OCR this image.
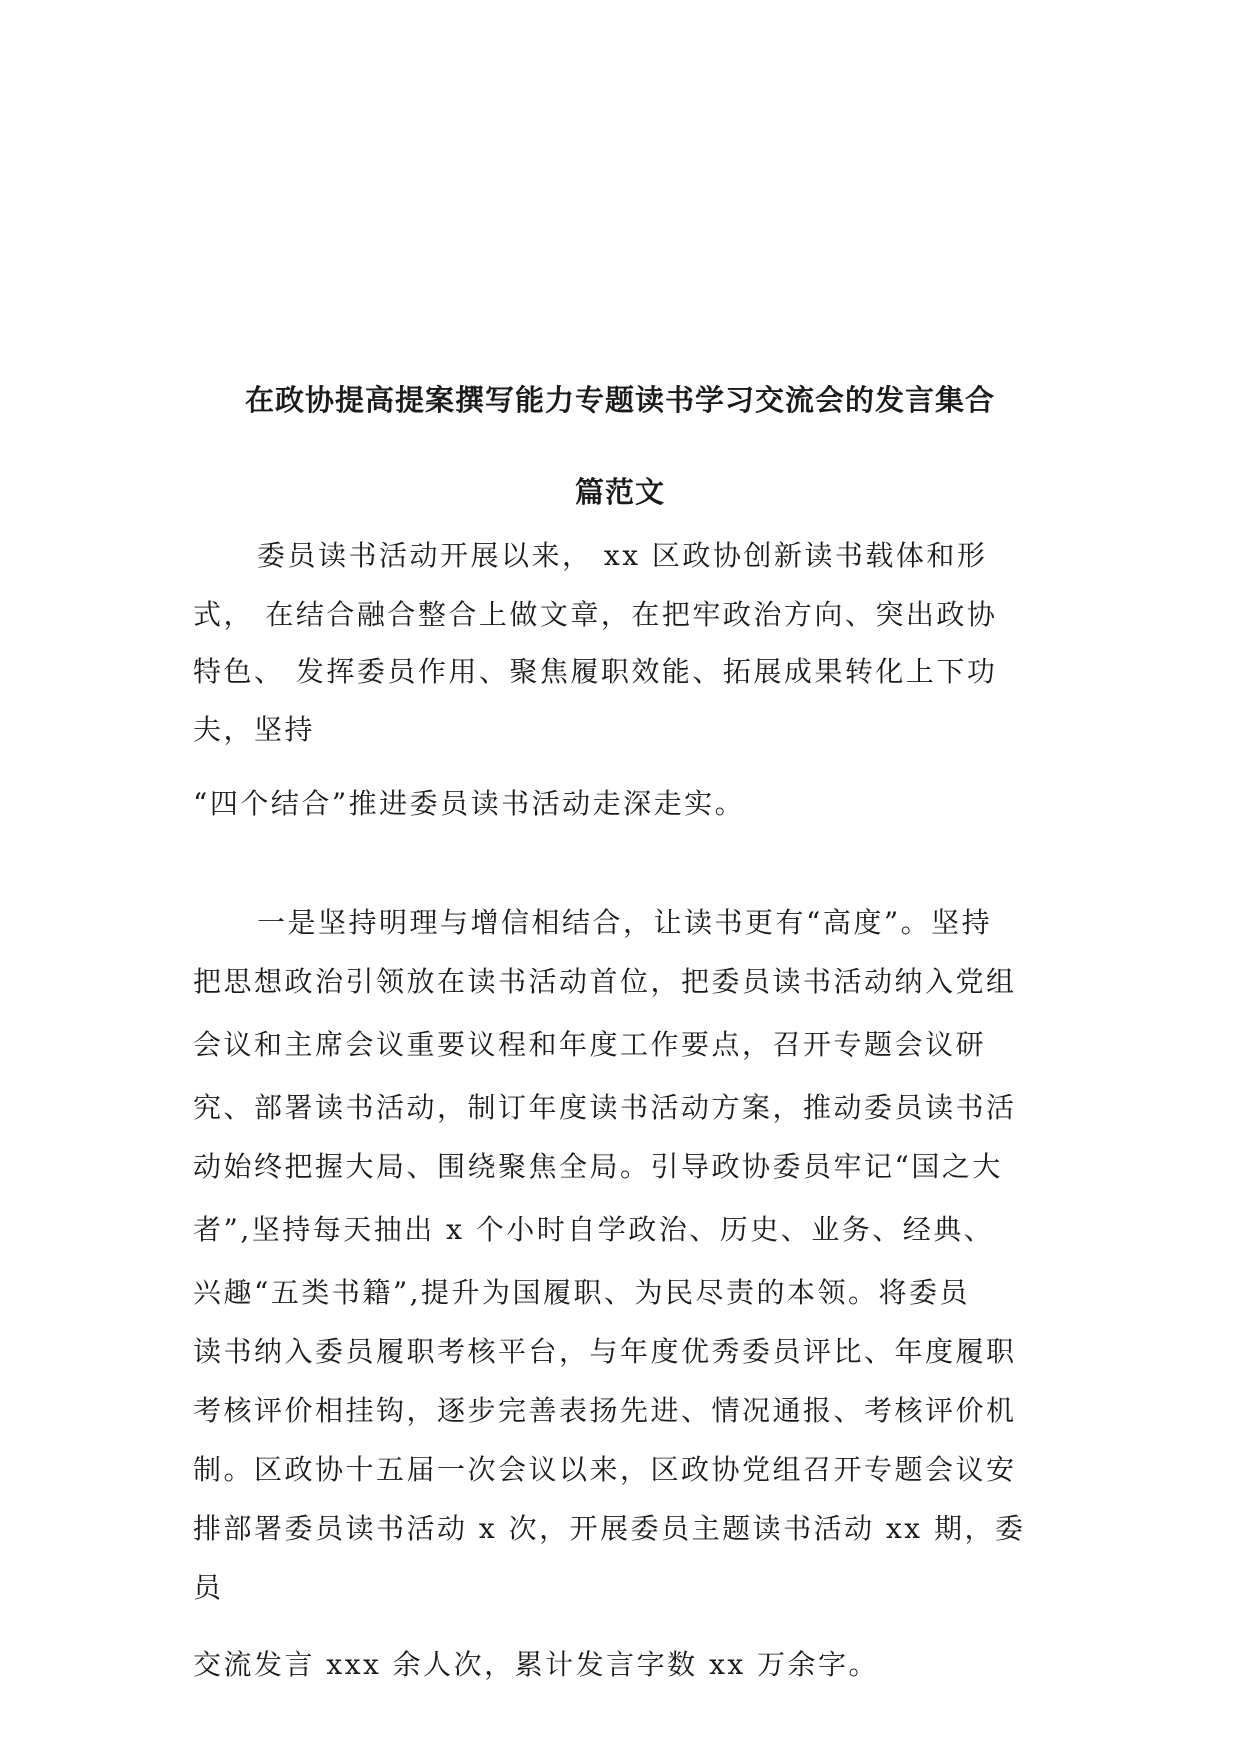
在政协提高提案撰写能力专题读书学习交流会的发言集合
篇范文

委员读书活动开展以来， xx 区政协创新读书载体和形

式， 在结合融合整合上做文章，在把牢政治方向、突出政协

特色、 发挥委员作用、聚焦履职效能、拓展成果转化上下功

夫，坚持

“四个结合”推进委员读书活动走深走实。

一是坚持明理与增信相结合，让读书更有“高度”。坚持

把思想政治引领放在读书活动首位，把委员读书活动纳入党组

会议和主席会议重要议程和年度工作要点，召开专题会议研

究、部署读书活动，制订年度读书活动方案，推动委员读书活

动始终把握大局、围绕聚焦全局。引导政协委员牢记“国之大

者”,坚持每天抽出 x 个小时自学政治、历史、业务、经典、

兴趣“五类书籍”,提升为国履职、为民尽责的本领。将委员

读书纳入委员履职考核平台，与年度优秀委员评比、年度履职

考核评价相挂钩，逐步完善表扬先进、情况通报、考核评价机

制。区政协十五届一次会议以来，区政协党组召开专题会议安

排部署委员读书活动 x 次，开展委员主题读书活动 xx 期，委

员

交流发言 xxx 余人次，累计发言字数 xx 万余字。
